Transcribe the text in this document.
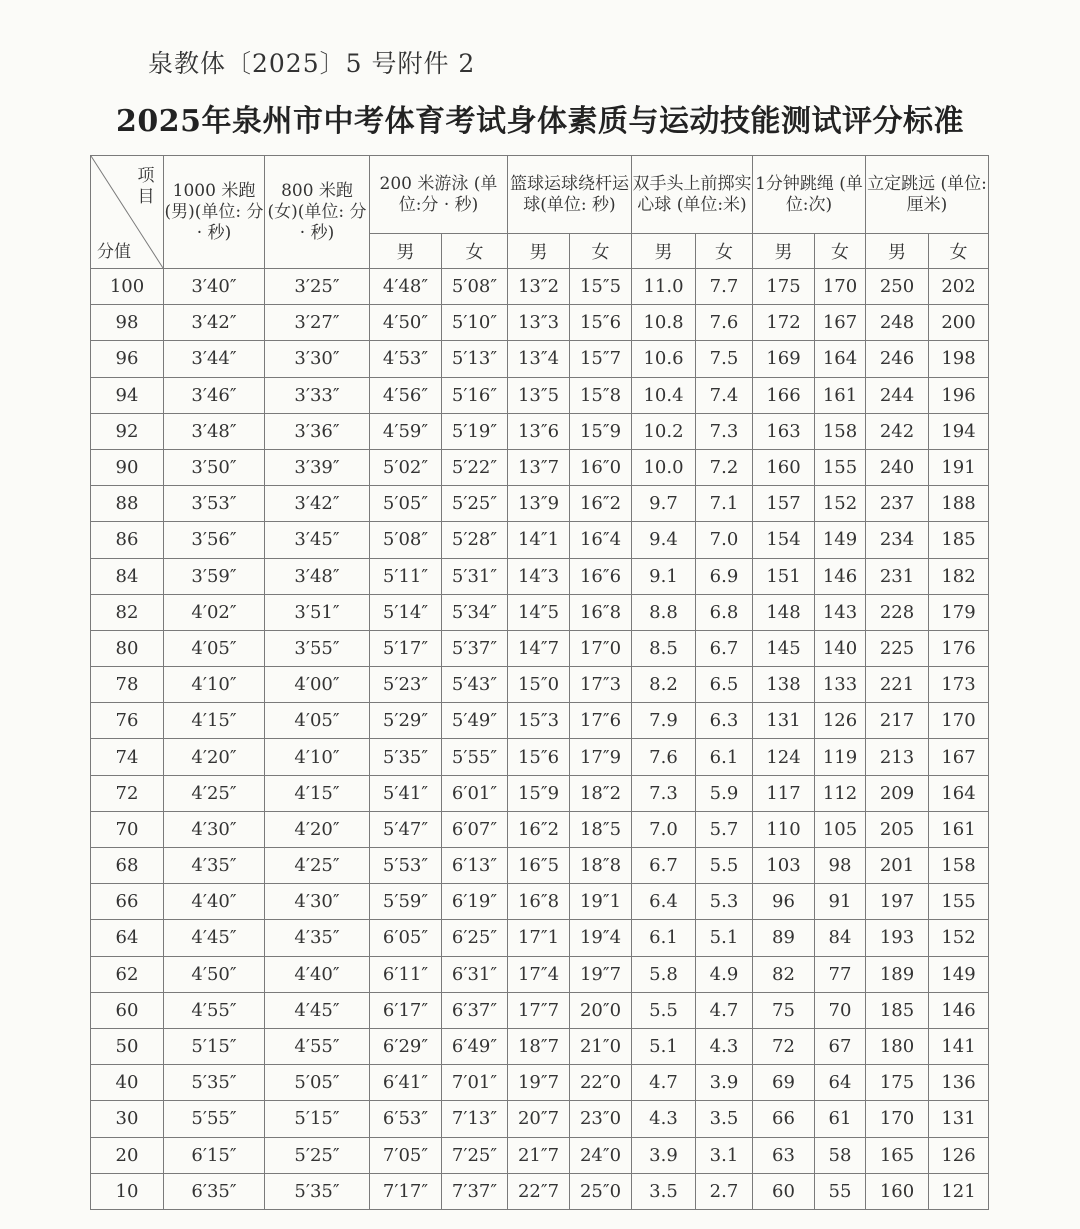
泉教体〔2025〕5 号附件 2
2025年泉州市中考体育考试身体素质与运动技能测试评分标准
项目
分值	1000 米跑 (男)(单位: 分 · 秒)	800 米跑 (女)(单位: 分 · 秒)	200 米游泳 (单位:分 · 秒)		篮球运球绕杆运球(单位: 秒)		双手头上前掷实心球 (单位:米)		1分钟跳绳 (单位:次)		立定跳远 (单位: 厘米)	
			男	女	男	女	男	女	男	女	男	女
100	3′40″	3′25″	4′48″	5′08″	13″2	15″5	11.0	7.7	175	170	250	202
98	3′42″	3′27″	4′50″	5′10″	13″3	15″6	10.8	7.6	172	167	248	200
96	3′44″	3′30″	4′53″	5′13″	13″4	15″7	10.6	7.5	169	164	246	198
94	3′46″	3′33″	4′56″	5′16″	13″5	15″8	10.4	7.4	166	161	244	196
92	3′48″	3′36″	4′59″	5′19″	13″6	15″9	10.2	7.3	163	158	242	194
90	3′50″	3′39″	5′02″	5′22″	13″7	16″0	10.0	7.2	160	155	240	191
88	3′53″	3′42″	5′05″	5′25″	13″9	16″2	9.7	7.1	157	152	237	188
86	3′56″	3′45″	5′08″	5′28″	14″1	16″4	9.4	7.0	154	149	234	185
84	3′59″	3′48″	5′11″	5′31″	14″3	16″6	9.1	6.9	151	146	231	182
82	4′02″	3′51″	5′14″	5′34″	14″5	16″8	8.8	6.8	148	143	228	179
80	4′05″	3′55″	5′17″	5′37″	14″7	17″0	8.5	6.7	145	140	225	176
78	4′10″	4′00″	5′23″	5′43″	15″0	17″3	8.2	6.5	138	133	221	173
76	4′15″	4′05″	5′29″	5′49″	15″3	17″6	7.9	6.3	131	126	217	170
74	4′20″	4′10″	5′35″	5′55″	15″6	17″9	7.6	6.1	124	119	213	167
72	4′25″	4′15″	5′41″	6′01″	15″9	18″2	7.3	5.9	117	112	209	164
70	4′30″	4′20″	5′47″	6′07″	16″2	18″5	7.0	5.7	110	105	205	161
68	4′35″	4′25″	5′53″	6′13″	16″5	18″8	6.7	5.5	103	98	201	158
66	4′40″	4′30″	5′59″	6′19″	16″8	19″1	6.4	5.3	96	91	197	155
64	4′45″	4′35″	6′05″	6′25″	17″1	19″4	6.1	5.1	89	84	193	152
62	4′50″	4′40″	6′11″	6′31″	17″4	19″7	5.8	4.9	82	77	189	149
60	4′55″	4′45″	6′17″	6′37″	17″7	20″0	5.5	4.7	75	70	185	146
50	5′15″	4′55″	6′29″	6′49″	18″7	21″0	5.1	4.3	72	67	180	141
40	5′35″	5′05″	6′41″	7′01″	19″7	22″0	4.7	3.9	69	64	175	136
30	5′55″	5′15″	6′53″	7′13″	20″7	23″0	4.3	3.5	66	61	170	131
20	6′15″	5′25″	7′05″	7′25″	21″7	24″0	3.9	3.1	63	58	165	126
10	6′35″	5′35″	7′17″	7′37″	22″7	25″0	3.5	2.7	60	55	160	121
